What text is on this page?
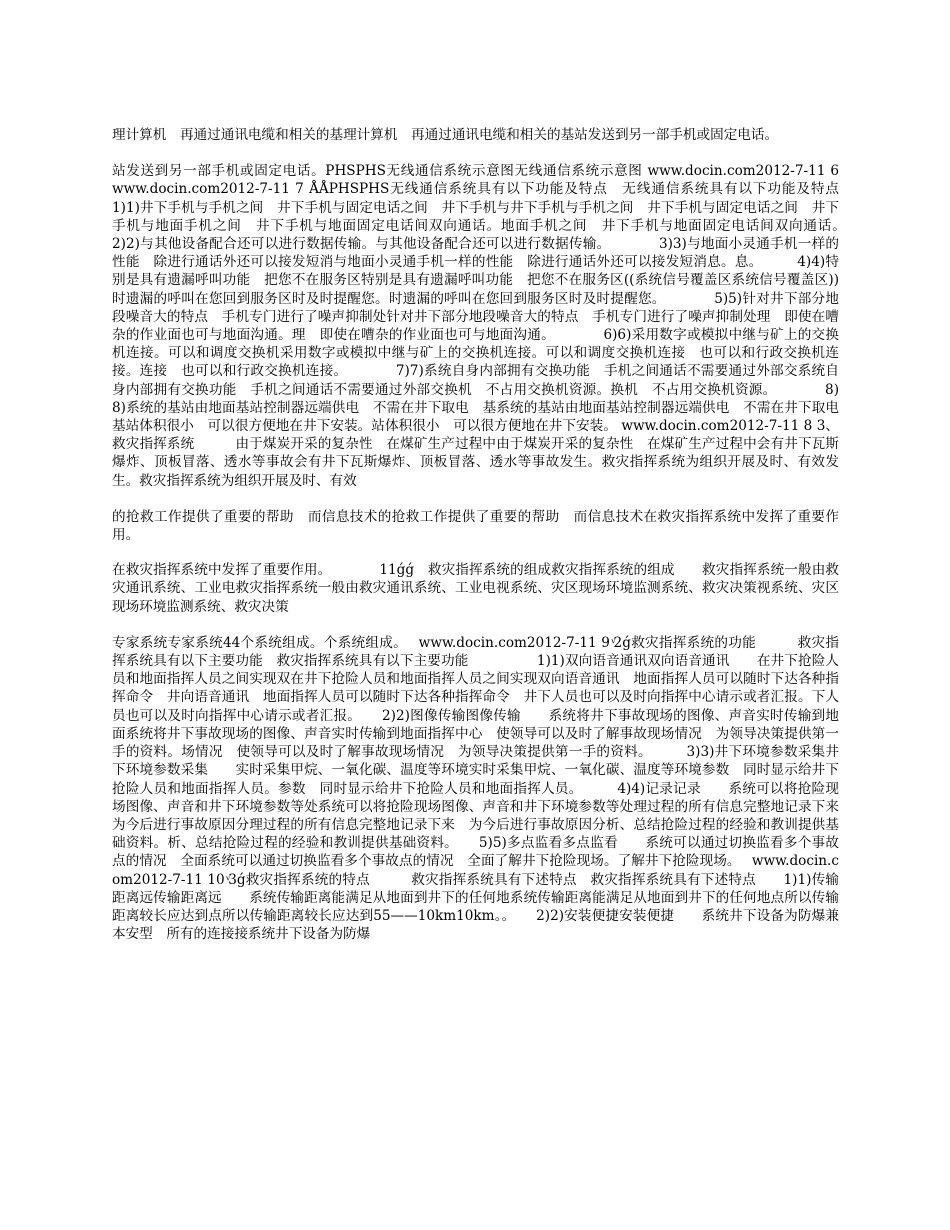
理计算机　再通过通讯电缆和相关的基理计算机　再通过通讯电缆和相关的基站发送到另一部手机或固定电话。

站发送到另一部手机或固定电话。PHSPHS无线通信系统示意图无线通信系统示意图 www.docin.com2012-7-11 6　 www.docin.com2012-7-11 7 ÅÅPHSPHS无线通信系统具有以下功能及特点　无线通信系统具有以下功能及特点　　　　1)1)井下手机与手机之间　井下手机与固定电话之间　井下手机与井下手机与手机之间　井下手机与固定电话之间　井下手机与地面手机之间　井下手机与地面固定电话间双向通话。地面手机之间　井下手机与地面固定电话间双向通话。　　2)2)与其他设备配合还可以进行数据传输。与其他设备配合还可以进行数据传输。　　　　3)3)与地面小灵通手机一样的性能　除进行通话外还可以接发短消与地面小灵通手机一样的性能　除进行通话外还可以接发短消息。息。　　　4)4)特别是具有遗漏呼叫功能　把您不在服务区特别是具有遗漏呼叫功能　把您不在服务区((系统信号覆盖区系统信号覆盖区))时遗漏的呼叫在您回到服务区时及时提醒您。时遗漏的呼叫在您回到服务区时及时提醒您。　　　　5)5)针对井下部分地段噪音大的特点　手机专门进行了噪声抑制处针对井下部分地段噪音大的特点　手机专门进行了噪声抑制处理　即使在嘈杂的作业面也可与地面沟通。理　即使在嘈杂的作业面也可与地面沟通。　　　　6)6)采用数字或模拟中继与矿上的交换机连接。可以和调度交换机采用数字或模拟中继与矿上的交换机连接。可以和调度交换机连接　也可以和行政交换机连接。连接　也可以和行政交换机连接。　　　　7)7)系统自身内部拥有交换功能　手机之间通话不需要通过外部交系统自身内部拥有交换功能　手机之间通话不需要通过外部交换机　不占用交换机资源。换机　不占用交换机资源。　　　　8)8)系统的基站由地面基站控制器远端供电　不需在井下取电　基系统的基站由地面基站控制器远端供电　不需在井下取电　基站体积很小　可以很方便地在井下安装。站体积很小　可以很方便地在井下安装。 www.docin.com2012-7-11 8 3、救灾指挥系统　　　由于煤炭开采的复杂性　在煤矿生产过程中由于煤炭开采的复杂性　在煤矿生产过程中会有井下瓦斯爆炸、顶板冒落、透水等事故会有井下瓦斯爆炸、顶板冒落、透水等事故发生。救灾指挥系统为组织开展及时、有效发生。救灾指挥系统为组织开展及时、有效

的抢救工作提供了重要的帮助　而信息技术的抢救工作提供了重要的帮助　而信息技术在救灾指挥系统中发挥了重要作用。

在救灾指挥系统中发挥了重要作用。　　　　11ǵǵ　救灾指挥系统的组成救灾指挥系统的组成　　救灾指挥系统一般由救灾通讯系统、工业电救灾指挥系统一般由救灾通讯系统、工业电视系统、灾区现场环境监测系统、救灾决策视系统、灾区现场环境监测系统、救灾决策

专家系统专家系统44个系统组成。个系统组成。　 www.docin.com2012-7-11 9 ͮ2ǵ救灾指挥系统的功能　　　救灾指挥系统具有以下主要功能　救灾指挥系统具有以下主要功能　　　　　1)1)双向语音通讯双向语音通讯　　在井下抢险人员和地面指挥人员之间实现双在井下抢险人员和地面指挥人员之间实现双向语音通讯　地面指挥人员可以随时下达各种指挥命令　井向语音通讯　地面指挥人员可以随时下达各种指挥命令　井下人员也可以及时向指挥中心请示或者汇报。下人员也可以及时向指挥中心请示或者汇报。　　2)2)图像传输图像传输　　系统将井下事故现场的图像、声音实时传输到地面系统将井下事故现场的图像、声音实时传输到地面指挥中心　使领导可以及时了解事故现场情况　为领导决策提供第一手的资料。场情况　使领导可以及时了解事故现场情况　为领导决策提供第一手的资料。　　　3)3)井下环境参数采集井下环境参数采集　　实时采集甲烷、一氧化碳、温度等环境实时采集甲烷、一氧化碳、温度等环境参数　同时显示给井下抢险人员和地面指挥人员。参数　同时显示给井下抢险人员和地面指挥人员。　　　4)4)记录记录　　系统可以将抢险现场图像、声音和井下环境参数等处系统可以将抢险现场图像、声音和井下环境参数等处理过程的所有信息完整地记录下来　为今后进行事故原因分理过程的所有信息完整地记录下来　为今后进行事故原因分析、总结抢险过程的经验和教训提供基础资料。析、总结抢险过程的经验和教训提供基础资料。　　5)5)多点监看多点监看　　系统可以通过切换监看多个事故点的情况　全面系统可以通过切换监看多个事故点的情况　全面了解井下抢险现场。了解井下抢险现场。　 www.docin.com2012-7-11 10 ͮ3ǵ救灾指挥系统的特点　　　救灾指挥系统具有下述特点　救灾指挥系统具有下述特点　　1)1)传输距离远传输距离远　　系统传输距离能满足从地面到井下的任何地系统传输距离能满足从地面到井下的任何地点所以传输距离较长应达到点所以传输距离较长应达到55——10km10km。。　　2)2)安装便捷安装便捷　　系统井下设备为防爆兼本安型　所有的连接接系统井下设备为防爆
